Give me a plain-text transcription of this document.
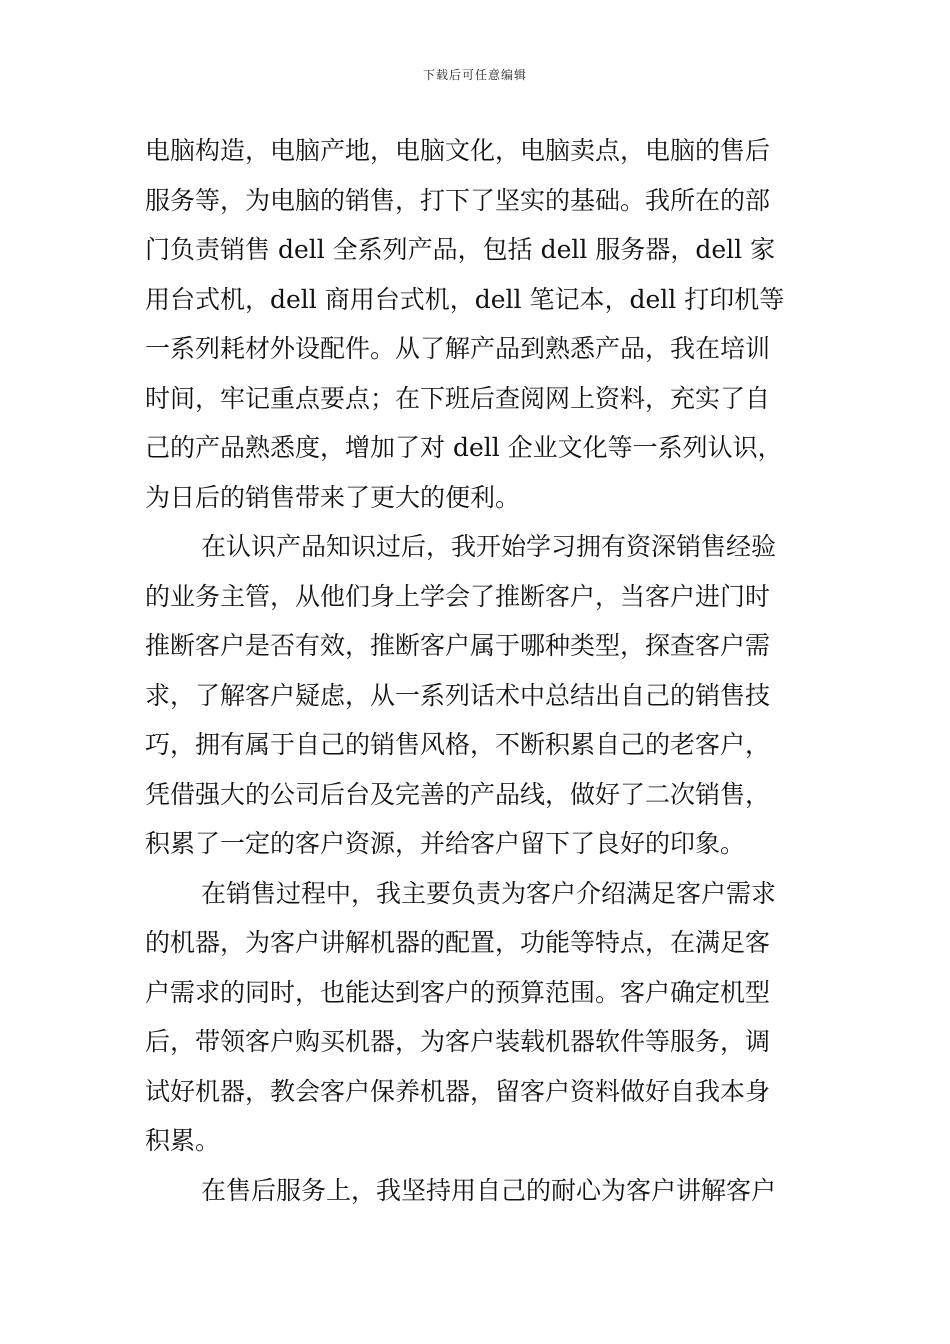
下载后可任意编辑
电脑构造，电脑产地，电脑文化，电脑卖点，电脑的售后
服务等，为电脑的销售，打下了坚实的基础。我所在的部
门负责销售 dell 全系列产品，包括 dell 服务器，dell 家
用台式机，dell 商用台式机，dell 笔记本，dell 打印机等
一系列耗材外设配件。从了解产品到熟悉产品，我在培训
时间，牢记重点要点；在下班后查阅网上资料，充实了自
己的产品熟悉度，增加了对 dell 企业文化等一系列认识，
为日后的销售带来了更大的便利。
在认识产品知识过后，我开始学习拥有资深销售经验
的业务主管，从他们身上学会了推断客户，当客户进门时
推断客户是否有效，推断客户属于哪种类型，探查客户需
求，了解客户疑虑，从一系列话术中总结出自己的销售技
巧，拥有属于自己的销售风格，不断积累自己的老客户，
凭借强大的公司后台及完善的产品线，做好了二次销售，
积累了一定的客户资源，并给客户留下了良好的印象。
在销售过程中，我主要负责为客户介绍满足客户需求
的机器，为客户讲解机器的配置，功能等特点，在满足客
户需求的同时，也能达到客户的预算范围。客户确定机型
后，带领客户购买机器，为客户装载机器软件等服务，调
试好机器，教会客户保养机器，留客户资料做好自我本身
积累。
在售后服务上，我坚持用自己的耐心为客户讲解客户
